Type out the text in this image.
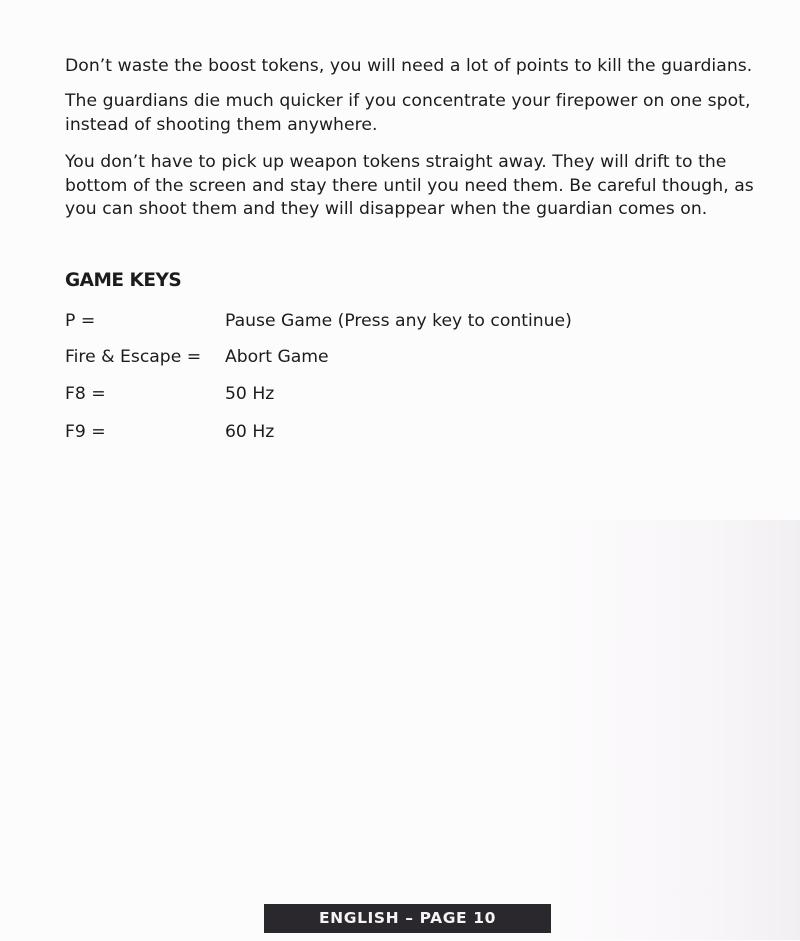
Don’t waste the boost tokens, you will need a lot of points to kill the guardians.

The guardians die much quicker if you concentrate your firepower on one spot, instead of shooting them anywhere.

You don’t have to pick up weapon tokens straight away. They will drift to the bottom of the screen and stay there until you need them. Be careful though, as you can shoot them and they will disappear when the guardian comes on.

GAME KEYS
P =	Pause Game (Press any key to continue)
Fire & Escape = Abort Game
F8 =	50 Hz
F9 =	60 Hz
ENGLISH – PAGE 10
